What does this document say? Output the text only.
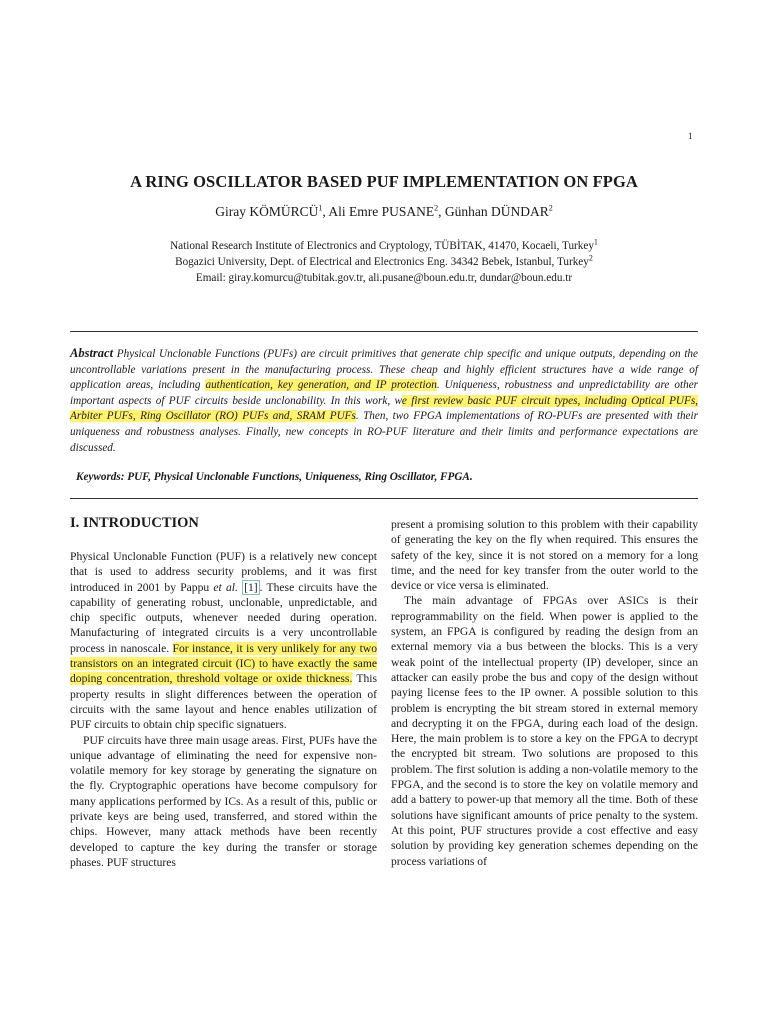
1
A RING OSCILLATOR BASED PUF IMPLEMENTATION ON FPGA
Giray KÖMÜRCÜ$^1$, Ali Emre PUSANE$^2$, Günhan DÜNDAR$^2$
National Research Institute of Electronics and Cryptology, TÜBİTAK, 41470, Kocaeli, Turkey$^1$
Bogazici University, Dept. of Electrical and Electronics Eng. 34342 Bebek, Istanbul, Turkey$^2$
Email: giray.komurcu@tubitak.gov.tr, ali.pusane@boun.edu.tr, dundar@boun.edu.tr
Abstract Physical Unclonable Functions (PUFs) are circuit primitives that generate chip specific and unique outputs, depending on the uncontrollable variations present in the manufacturing process. These cheap and highly efficient structures have a wide range of application areas, including authentication, key generation, and IP protection. Uniqueness, robustness and unpredictability are other important aspects of PUF circuits beside unclonability. In this work, we first review basic PUF circuit types, including Optical PUFs, Arbiter PUFs, Ring Oscillator (RO) PUFs and, SRAM PUFs. Then, two FPGA implementations of RO-PUFs are presented with their uniqueness and robustness analyses. Finally, new concepts in RO-PUF literature and their limits and performance expectations are discussed.
Keywords: PUF, Physical Unclonable Functions, Uniqueness, Ring Oscillator, FPGA.
I. INTRODUCTION

Physical Unclonable Function (PUF) is a relatively new concept that is used to address security problems, and it was first introduced in 2001 by Pappu et al. [1] . These circuits have the capability of generating robust, unclonable, unpredictable, and chip specific outputs, whenever needed during operation. Manufacturing of integrated circuits is a very uncontrollable process in nanoscale. For instance, it is very unlikely for any two transistors on an integrated circuit (IC) to have exactly the same doping concentration, threshold voltage or oxide thickness. This property results in slight differences between the operation of circuits with the same layout and hence enables utilization of PUF circuits to obtain chip specific signatuers.

PUF circuits have three main usage areas. First, PUFs have the unique advantage of eliminating the need for expensive non-volatile memory for key storage by generating the signature on the fly. Cryptographic operations have become compulsory for many applications performed by ICs. As a result of this, public or private keys are being used, transferred, and stored within the chips. However, many attack methods have been recently developed to capture the key during the transfer or storage phases. PUF structures

present a promising solution to this problem with their capability of generating the key on the fly when required. This ensures the safety of the key, since it is not stored on a memory for a long time, and the need for key transfer from the outer world to the device or vice versa is eliminated.

The main advantage of FPGAs over ASICs is their reprogrammability on the field. When power is applied to the system, an FPGA is configured by reading the design from an external memory via a bus between the blocks. This is a very weak point of the intellectual property (IP) developer, since an attacker can easily probe the bus and copy of the design without paying license fees to the IP owner. A possible solution to this problem is encrypting the bit stream stored in external memory and decrypting it on the FPGA, during each load of the design. Here, the main problem is to store a key on the FPGA to decrypt the encrypted bit stream. Two solutions are proposed to this problem. The first solution is adding a non-volatile memory to the FPGA, and the second is to store the key on volatile memory and add a battery to power-up that memory all the time. Both of these solutions have significant amounts of price penalty to the system. At this point, PUF structures provide a cost effective and easy solution by providing key generation schemes depending on the process variations of
